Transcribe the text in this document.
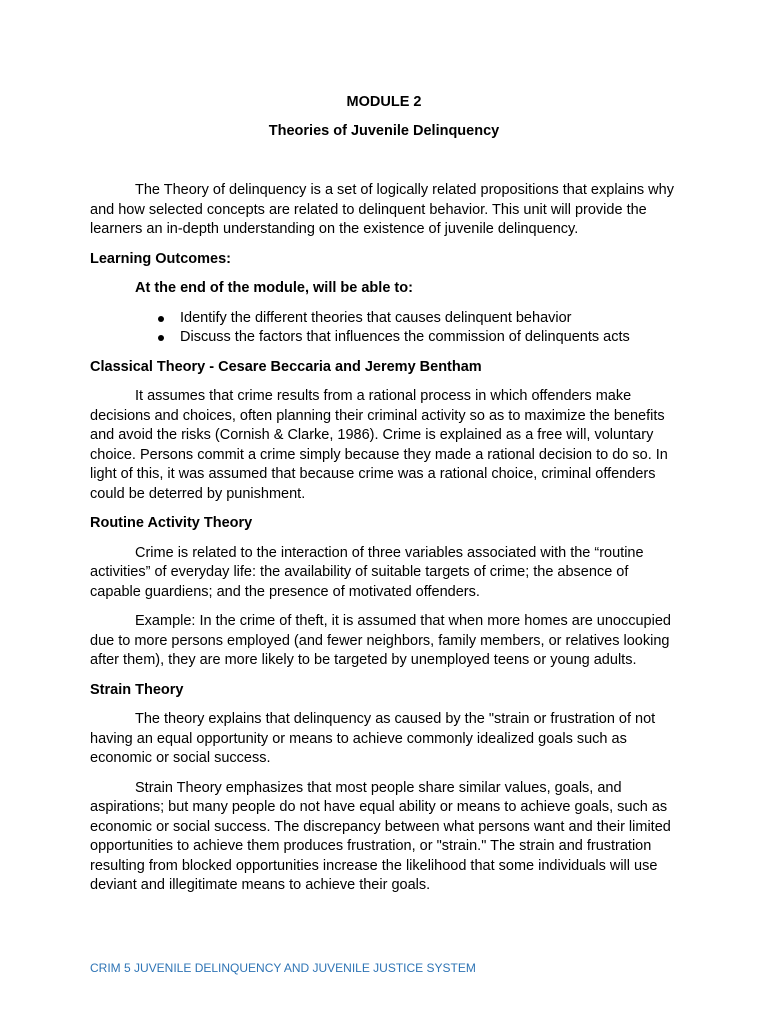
MODULE 2
Theories of Juvenile Delinquency

The Theory of delinquency is a set of logically related propositions that explains why and how selected concepts are related to delinquent behavior. This unit will provide the learners an in-depth understanding on the existence of juvenile delinquency.

Learning Outcomes:

At the end of the module, will be able to:

Identify the different theories that causes delinquent behavior
Discuss the factors that influences the commission of delinquents acts

Classical Theory - Cesare Beccaria and Jeremy Bentham

It assumes that crime results from a rational process in which offenders make decisions and choices, often planning their criminal activity so as to maximize the benefits and avoid the risks (Cornish & Clarke, 1986). Crime is explained as a free will, voluntary choice. Persons commit a crime simply because they made a rational decision to do so. In light of this, it was assumed that because crime was a rational choice, criminal offenders could be deterred by punishment.

Routine Activity Theory

Crime is related to the interaction of three variables associated with the “routine activities” of everyday life: the availability of suitable targets of crime; the absence of capable guardiens; and the presence of motivated offenders.

Example: In the crime of theft, it is assumed that when more homes are unoccupied due to more persons employed (and fewer neighbors, family members, or relatives looking after them), they are more likely to be targeted by unemployed teens or young adults.

Strain Theory

The theory explains that delinquency as caused by the "strain or frustration of not having an equal opportunity or means to achieve commonly idealized goals such as economic or social success.

Strain Theory emphasizes that most people share similar values, goals, and aspirations; but many people do not have equal ability or means to achieve goals, such as economic or social success. The discrepancy between what persons want and their limited opportunities to achieve them produces frustration, or "strain." The strain and frustration resulting from blocked opportunities increase the likelihood that some individuals will use deviant and illegitimate means to achieve their goals.

CRIM 5 JUVENILE DELINQUENCY AND JUVENILE JUSTICE SYSTEM
